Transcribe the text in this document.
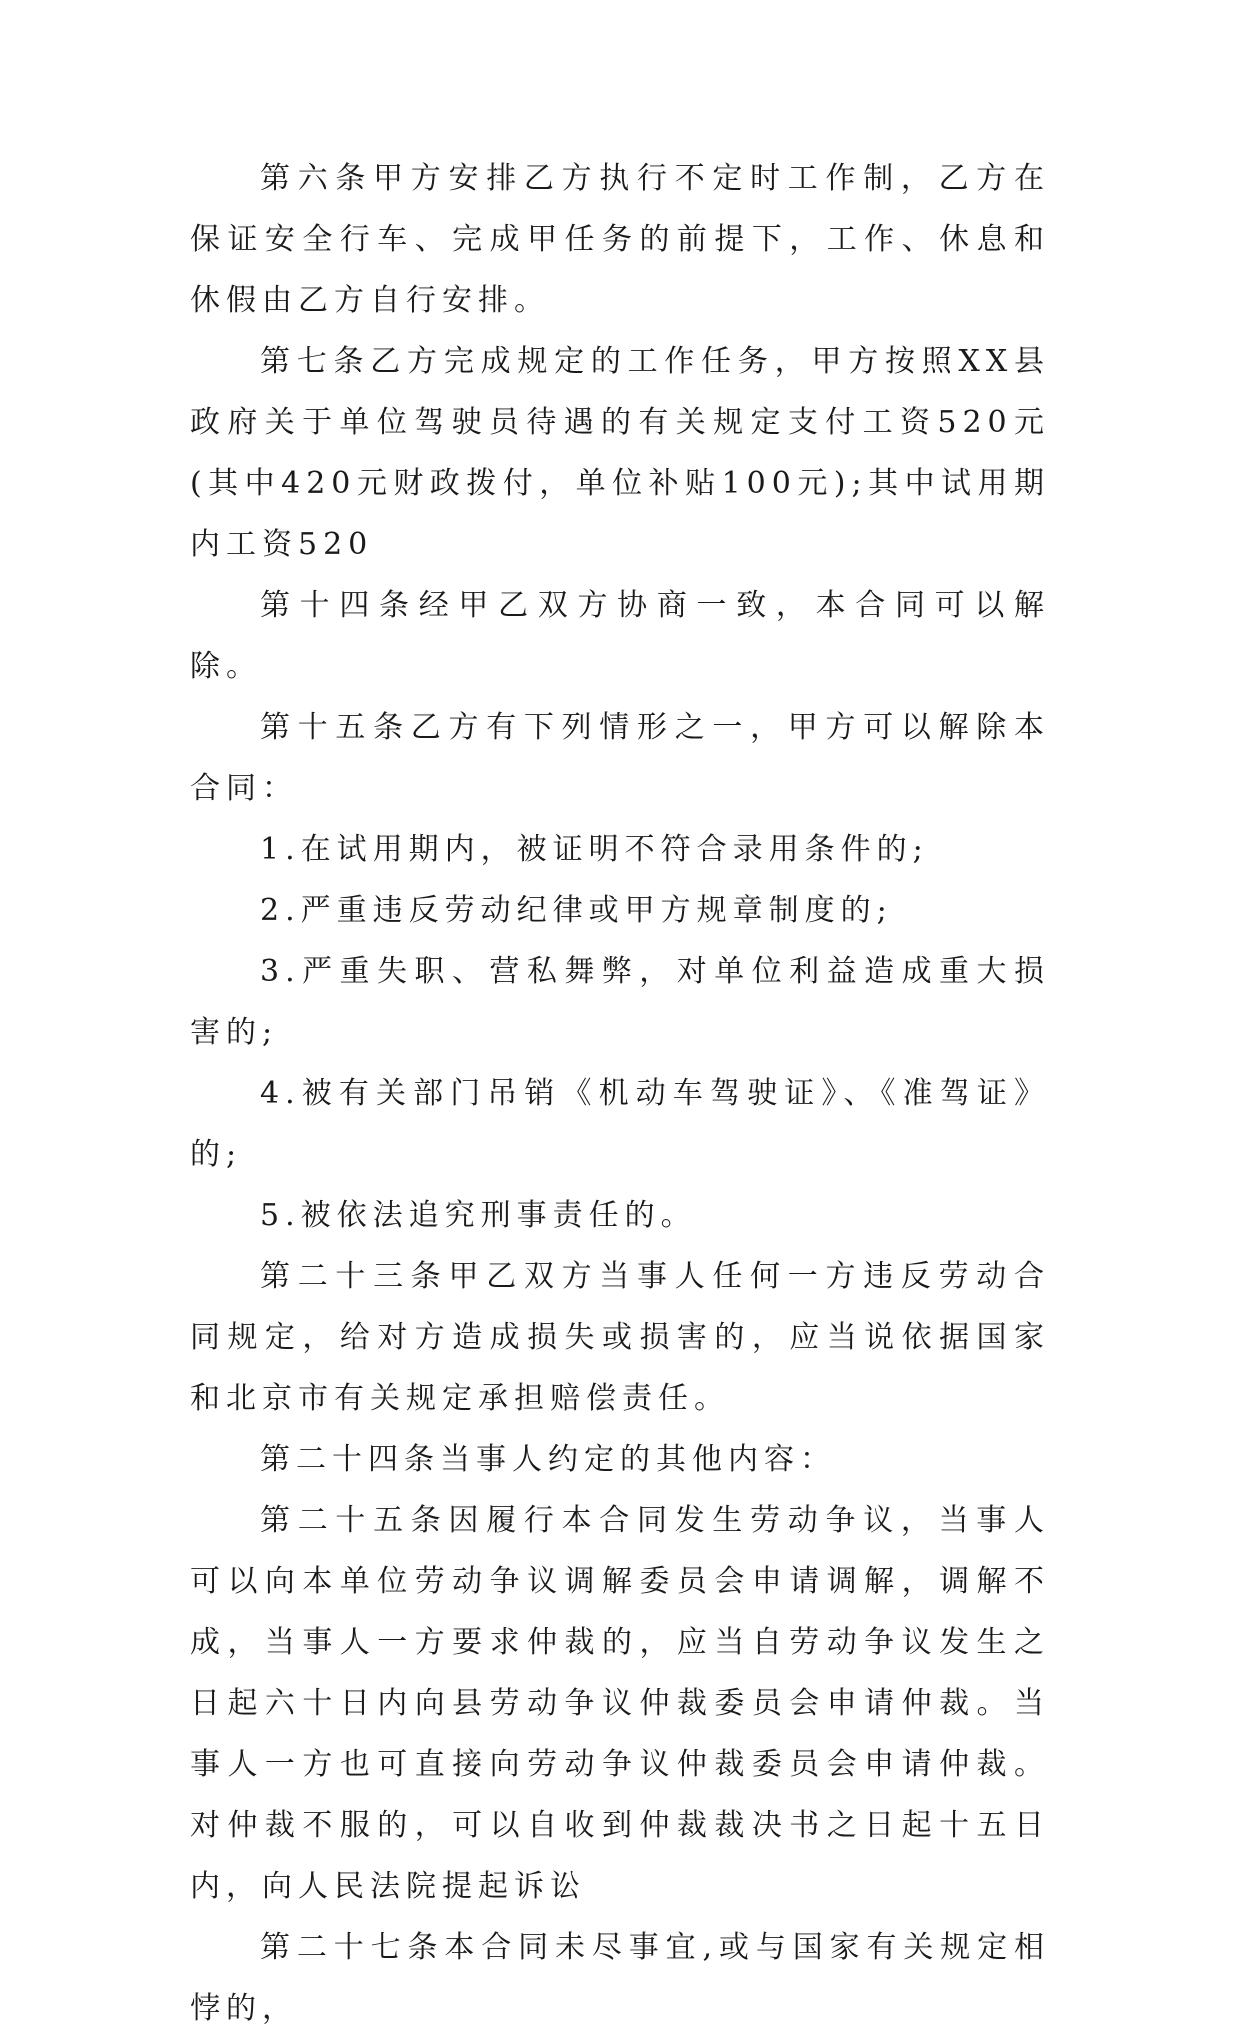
第六条甲方安排乙方执行不定时工作制，乙方在保证安全行车、完成甲任务的前提下，工作、休息和休假由乙方自行安排。

第七条乙方完成规定的工作任务，甲方按照XX县政府关于单位驾驶员待遇的有关规定支付工资520元(其中420元财政拨付，单位补贴100元);其中试用期内工资520

第十四条经甲乙双方协商一致，本合同可以解除。

第十五条乙方有下列情形之一，甲方可以解除本合同：

1.在试用期内，被证明不符合录用条件的;

2.严重违反劳动纪律或甲方规章制度的;

3.严重失职、营私舞弊，对单位利益造成重大损害的;

4.被有关部门吊销《机动车驾驶证》、《准驾证》的;

5.被依法追究刑事责任的。

第二十三条甲乙双方当事人任何一方违反劳动合同规定，给对方造成损失或损害的，应当说依据国家和北京市有关规定承担赔偿责任。

第二十四条当事人约定的其他内容：

第二十五条因履行本合同发生劳动争议，当事人可以向本单位劳动争议调解委员会申请调解，调解不成，当事人一方要求仲裁的，应当自劳动争议发生之日起六十日内向县劳动争议仲裁委员会申请仲裁。当事人一方也可直接向劳动争议仲裁委员会申请仲裁。对仲裁不服的，可以自收到仲裁裁决书之日起十五日内，向人民法院提起诉讼

第二十七条本合同未尽事宜,或与国家有关规定相悖的，
